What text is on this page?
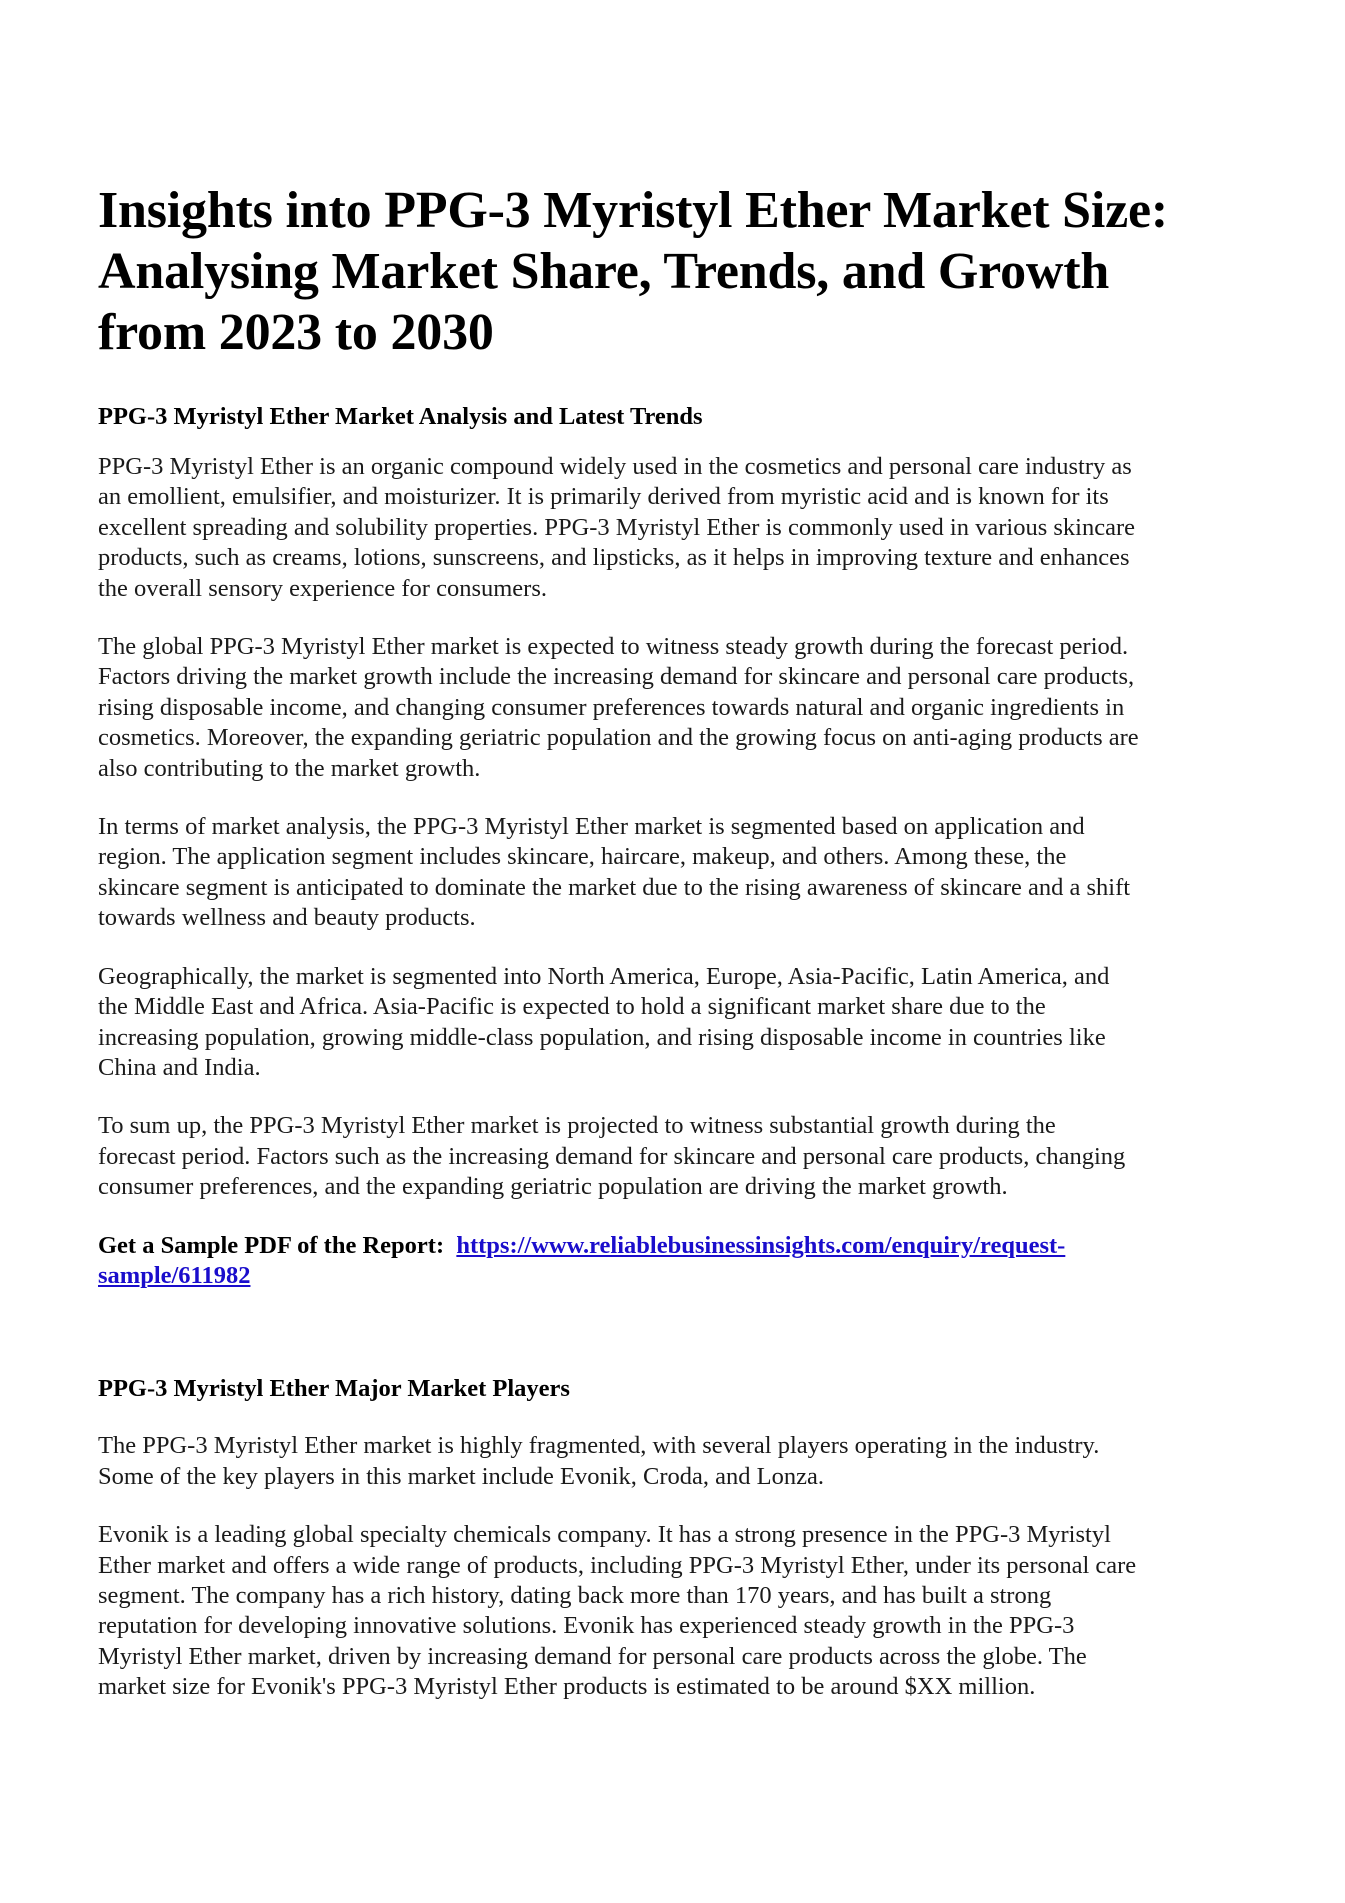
Insights into PPG-3 Myristyl Ether Market Size:
Analysing Market Share, Trends, and Growth
from 2023 to 2030
PPG-3 Myristyl Ether Market Analysis and Latest Trends

PPG-3 Myristyl Ether is an organic compound widely used in the cosmetics and personal care industry as
an emollient, emulsifier, and moisturizer. It is primarily derived from myristic acid and is known for its
excellent spreading and solubility properties. PPG-3 Myristyl Ether is commonly used in various skincare
products, such as creams, lotions, sunscreens, and lipsticks, as it helps in improving texture and enhances
the overall sensory experience for consumers.

The global PPG-3 Myristyl Ether market is expected to witness steady growth during the forecast period.
Factors driving the market growth include the increasing demand for skincare and personal care products,
rising disposable income, and changing consumer preferences towards natural and organic ingredients in
cosmetics. Moreover, the expanding geriatric population and the growing focus on anti-aging products are
also contributing to the market growth.

In terms of market analysis, the PPG-3 Myristyl Ether market is segmented based on application and
region. The application segment includes skincare, haircare, makeup, and others. Among these, the
skincare segment is anticipated to dominate the market due to the rising awareness of skincare and a shift
towards wellness and beauty products.

Geographically, the market is segmented into North America, Europe, Asia-Pacific, Latin America, and
the Middle East and Africa. Asia-Pacific is expected to hold a significant market share due to the
increasing population, growing middle-class population, and rising disposable income in countries like
China and India.

To sum up, the PPG-3 Myristyl Ether market is projected to witness substantial growth during the
forecast period. Factors such as the increasing demand for skincare and personal care products, changing
consumer preferences, and the expanding geriatric population are driving the market growth.

Get a Sample PDF of the Report: https://www.reliablebusinessinsights.com/enquiry/request-
sample/611982

PPG-3 Myristyl Ether Major Market Players

The PPG-3 Myristyl Ether market is highly fragmented, with several players operating in the industry.
Some of the key players in this market include Evonik, Croda, and Lonza.

Evonik is a leading global specialty chemicals company. It has a strong presence in the PPG-3 Myristyl
Ether market and offers a wide range of products, including PPG-3 Myristyl Ether, under its personal care
segment. The company has a rich history, dating back more than 170 years, and has built a strong
reputation for developing innovative solutions. Evonik has experienced steady growth in the PPG-3
Myristyl Ether market, driven by increasing demand for personal care products across the globe. The
market size for Evonik's PPG-3 Myristyl Ether products is estimated to be around $XX million.
